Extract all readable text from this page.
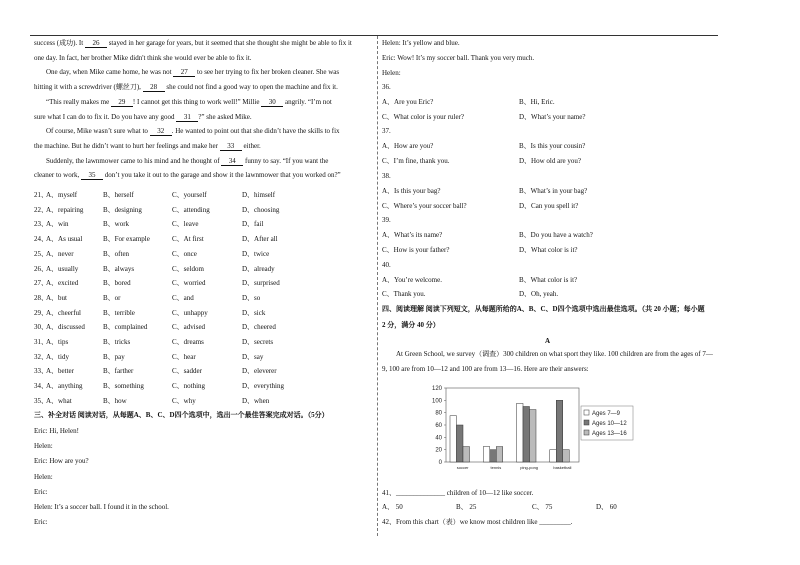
success (成功). It 26 stayed in her garage for years, but it seemed that she thought she might be able to fix it
one day. In fact, her brother Mike didn't think she would ever be able to fix it.
One day, when Mike came home, he was not 27 to see her trying to fix her broken cleaner. She was
hitting it with a screwdriver (螺丝刀), 28 she could not find a good way to open the machine and fix it.
“This really makes me 29 ! I cannot get this thing to work well!” Millie 30 angrily. “I’m not
sure what I can do to fix it. Do you have any good 31 ?” she asked Mike.
Of course, Mike wasn’t sure what to 32 . He wanted to point out that she didn’t have the skills to fix
the machine. But he didn’t want to hurt her feelings and make her 33 either.
Suddenly, the lawnmower came to his mind and he thought of 34 funny to say. “If you want the
cleaner to work, 35 don’t you take it out to the garage and show it the lawnmower that you worked on?”
21、
A、myself	B、herself	C、yourself	D、himself
22、
A、repairing	B、designing	C、attending	D、choosing
23、
A、win	B、work	C、leave	D、fail
24、
A、As usual	B、For example	C、At first	D、After all
25、
A、never	B、often	C、once	D、twice
26、
A、usually	B、always	C、seldom	D、already
27、
A、excited	B、bored	C、worried	D、surprised
28、
A、but	B、or	C、and	D、so
29、
A、cheerful	B、terrible	C、unhappy	D、sick
30、
A、discussed	B、complained	C、advised	D、cheered
31、
A、tips	B、tricks	C、dreams	D、secrets
32、
A、tidy	B、pay	C、hear	D、say
33、
A、better	B、farther	C、sadder	D、eleverer
34、
A、anything	B、something	C、nothing	D、everything
35、
A、what	B、how	C、why	D、when
三、补全对话 阅读对话，从每题A、B、C、D四个选项中，选出一个最佳答案完成对话。（5分）
Eric: Hi, Helen!
Helen:
Eric: How are you?
Helen:
Eric:
Helen: It’s a soccer ball. I found it in the school.
Eric:
Helen: It’s yellow and blue.
Eric: Wow! It’s my soccer ball. Thank you very much.
Helen:
36.
A、Are you Eric?	B、Hi, Eric.
C、What color is your ruler?	D、What’s your name?
37.
A、How are you?	B、Is this your cousin?
C、I’m fine, thank you.	D、How old are you?
38.
A、Is this your bag?	B、What’s in your bag?
C、Where’s your soccer ball?	D、Can you spell it?
39.
A、What’s its name?	B、Do you have a watch?
C、How is your father?	D、What color is it?
40.
A、You’re welcome.	B、What color is it?
C、Thank you.	D、Oh, yeah.
四、阅读理解 阅读下列短文，从每题所给的A、B、C、D四个选项中选出最佳选项。（共 20 小题；每小题
2 分，满分 40 分）
A
At Green School, we survey（调查）300 children on what sport they like. 100 children are from the ages of 7—
9, 100 are from 10—12 and 100 are from 13—16. Here are their answers:
0
20
40
60
80
100
120
soccer	tennis	ping-pong	basketball
Ages 7—9
Ages 10—12
Ages 13—16
41、______________ children of 10—12 like soccer.
A、 50	B、 25	C、 75	D、 60
42、From this chart（表）we know most children like _________.
